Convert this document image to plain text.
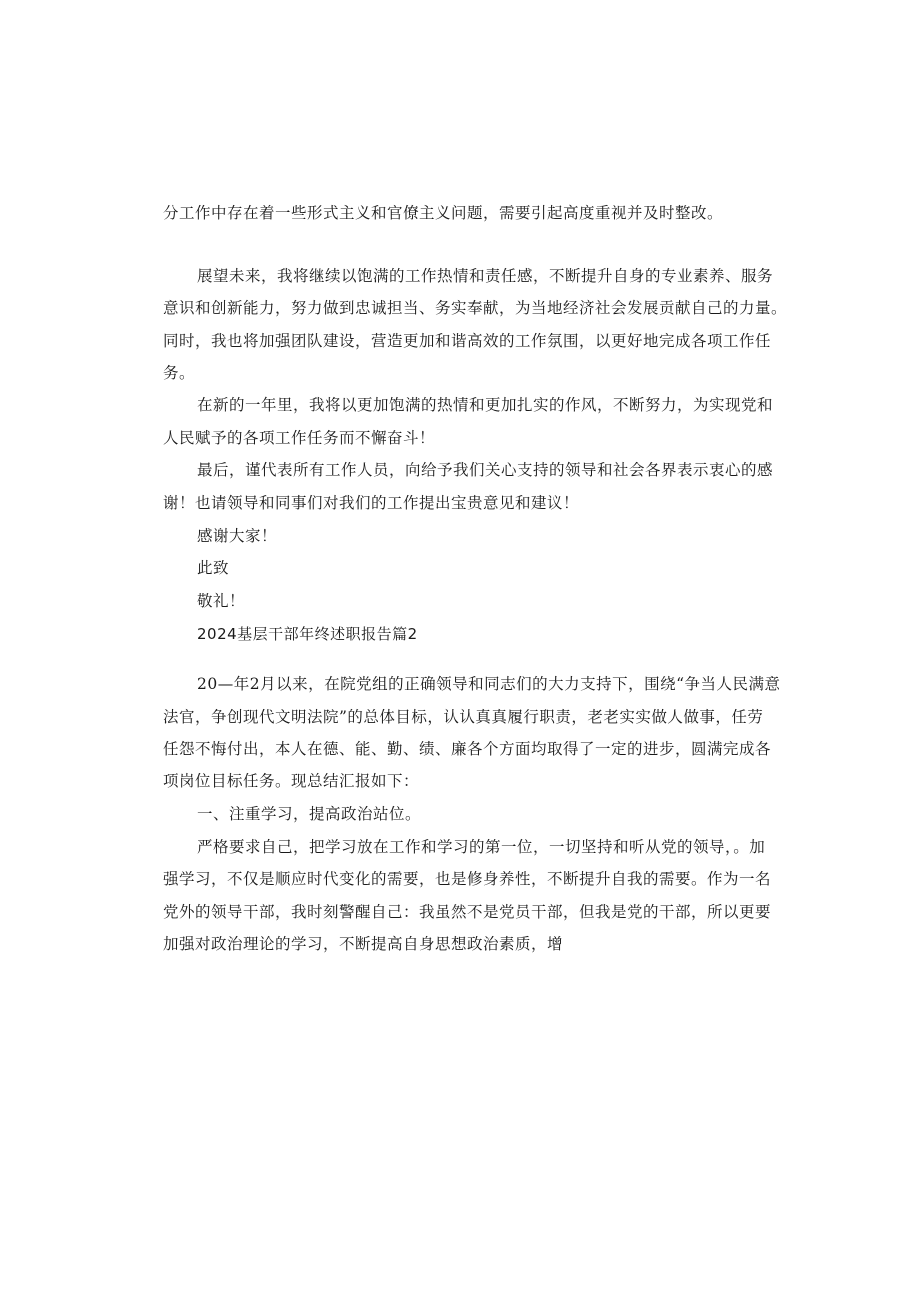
分工作中存在着一些形式主义和官僚主义问题，需要引起高度重视并及时整改。
展望未来，我将继续以饱满的工作热情和责任感，不断提升自身的专业素养、服务
意识和创新能力，努力做到忠诚担当、务实奉献，为当地经济社会发展贡献自己的力量。
同时，我也将加强团队建设，营造更加和谐高效的工作氛围，以更好地完成各项工作任
务。
在新的一年里，我将以更加饱满的热情和更加扎实的作风，不断努力，为实现党和
人民赋予的各项工作任务而不懈奋斗！
最后，谨代表所有工作人员，向给予我们关心支持的领导和社会各界表示衷心的感
谢！也请领导和同事们对我们的工作提出宝贵意见和建议！
感谢大家！
此致
敬礼！
2024基层干部年终述职报告篇2
20—年2月以来，在院党组的正确领导和同志们的大力支持下，围绕“争当人民满意
法官，争创现代文明法院”的总体目标，认认真真履行职责，老老实实做人做事，任劳
任怨不悔付出，本人在德、能、勤、绩、廉各个方面均取得了一定的进步，圆满完成各
项岗位目标任务。现总结汇报如下：
一、注重学习，提高政治站位。
严格要求自己，把学习放在工作和学习的第一位，一切坚持和听从党的领导，。加
强学习，不仅是顺应时代变化的需要，也是修身养性，不断提升自我的需要。作为一名
党外的领导干部，我时刻警醒自己：我虽然不是党员干部，但我是党的干部，所以更要
加强对政治理论的学习，不断提高自身思想政治素质，增
